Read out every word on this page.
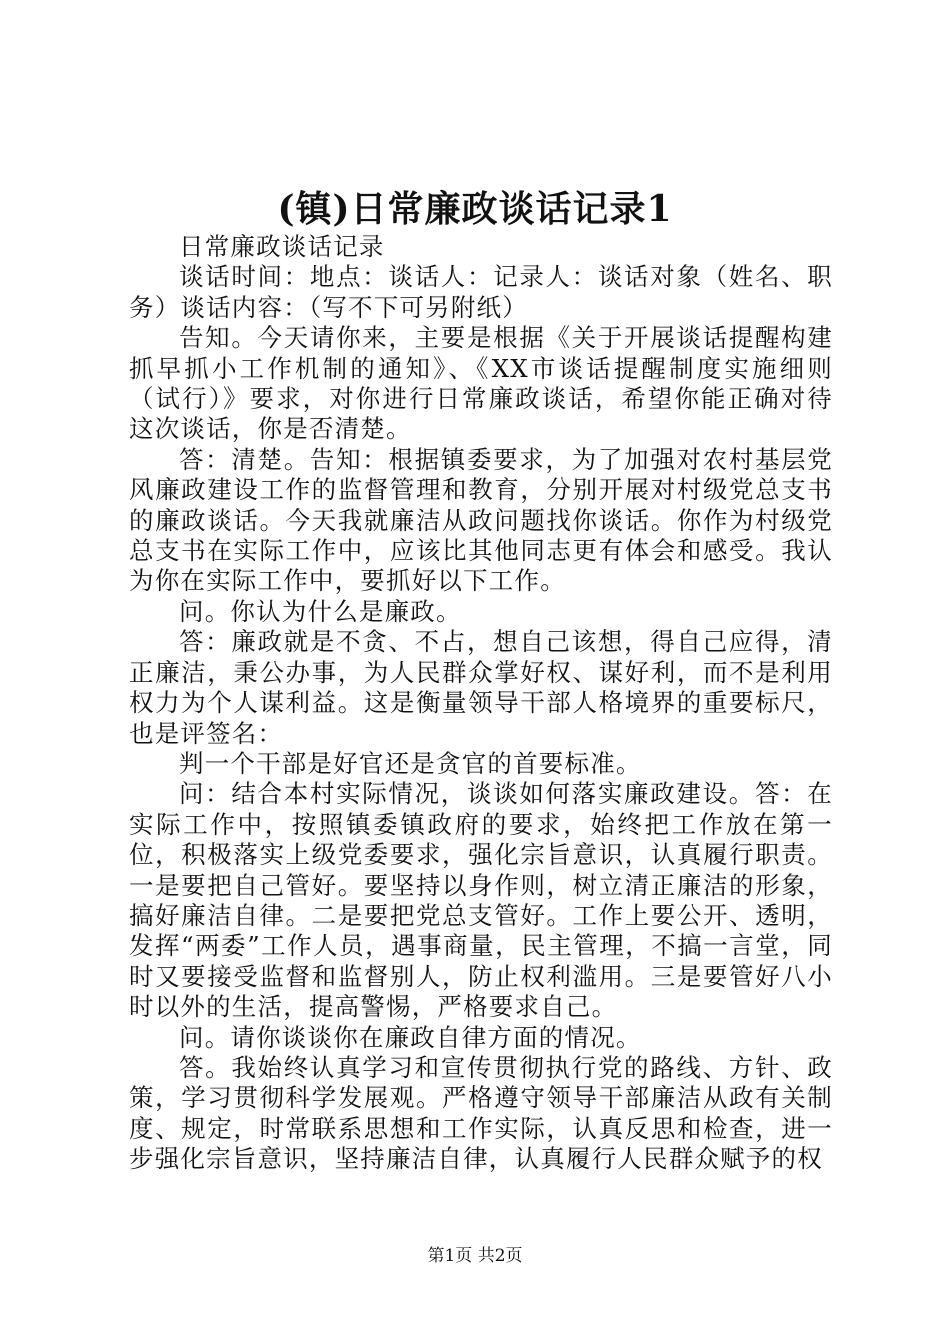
(镇)日常廉政谈话记录1

日常廉政谈话记录

谈话时间：地点：谈话人：记录人：谈话对象（姓名、职务）谈话内容：（写不下可另附纸）

告知。今天请你来，主要是根据《关于开展谈话提醒构建抓早抓小工作机制的通知》、《XX市谈话提醒制度实施细则（试行）》要求，对你进行日常廉政谈话，希望你能正确对待这次谈话，你是否清楚。

答：清楚。告知：根据镇委要求，为了加强对农村基层党风廉政建设工作的监督管理和教育，分别开展对村级党总支书的廉政谈话。今天我就廉洁从政问题找你谈话。你作为村级党总支书在实际工作中，应该比其他同志更有体会和感受。我认为你在实际工作中，要抓好以下工作。

问。你认为什么是廉政。

答：廉政就是不贪、不占，想自己该想，得自己应得，清正廉洁，秉公办事，为人民群众掌好权、谋好利，而不是利用权力为个人谋利益。这是衡量领导干部人格境界的重要标尺，也是评签名：

判一个干部是好官还是贪官的首要标准。

问：结合本村实际情况，谈谈如何落实廉政建设。答：在实际工作中，按照镇委镇政府的要求，始终把工作放在第一位，积极落实上级党委要求，强化宗旨意识，认真履行职责。一是要把自己管好。要坚持以身作则，树立清正廉洁的形象，搞好廉洁自律。二是要把党总支管好。工作上要公开、透明，发挥“两委”工作人员，遇事商量，民主管理，不搞一言堂，同时又要接受监督和监督别人，防止权利滥用。三是要管好八小时以外的生活，提高警惕，严格要求自己。

问。请你谈谈你在廉政自律方面的情况。

答。我始终认真学习和宣传贯彻执行党的路线、方针、政策，学习贯彻科学发展观。严格遵守领导干部廉洁从政有关制度、规定，时常联系思想和工作实际，认真反思和检查，进一步强化宗旨意识，坚持廉洁自律，认真履行人民群众赋予的权

第1页 共2页
